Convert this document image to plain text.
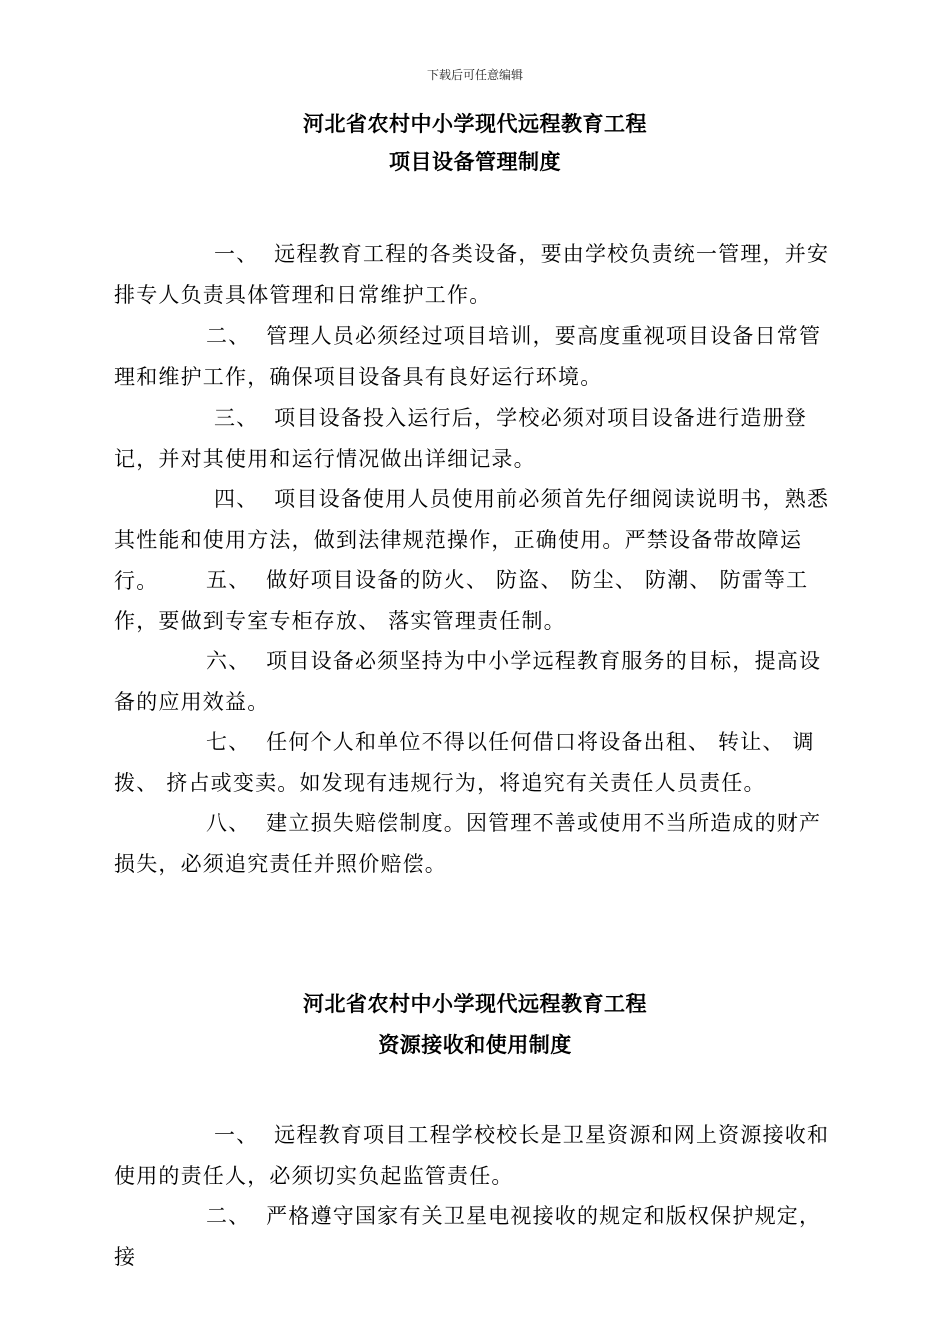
下载后可任意编辑
河北省农村中小学现代远程教育工程
项目设备管理制度

一、 远程教育工程的各类设备，要由学校负责统一管理，并安排专人负责具体管理和日常维护工作。

二、 管理人员必须经过项目培训，要高度重视项目设备日常管理和维护工作，确保项目设备具有良好运行环境。

三、 项目设备投入运行后，学校必须对项目设备进行造册登记，并对其使用和运行情况做出详细记录。

四、 项目设备使用人员使用前必须首先仔细阅读说明书，熟悉其性能和使用方法，做到法律规范操作，正确使用。严禁设备带故障运行。	五、 做好项目设备的防火、 防盗、 防尘、 防潮、 防雷等工作，要做到专室专柜存放、 落实管理责任制。

六、 项目设备必须坚持为中小学远程教育服务的目标，提高设备的应用效益。

七、 任何个人和单位不得以任何借口将设备出租、 转让、 调拨、 挤占或变卖。如发现有违规行为，将追究有关责任人员责任。

八、 建立损失赔偿制度。因管理不善或使用不当所造成的财产损失，必须追究责任并照价赔偿。

河北省农村中小学现代远程教育工程
资源接收和使用制度

一、 远程教育项目工程学校校长是卫星资源和网上资源接收和使用的责任人，必须切实负起监管责任。

二、 严格遵守国家有关卫星电视接收的规定和版权保护规定，接
